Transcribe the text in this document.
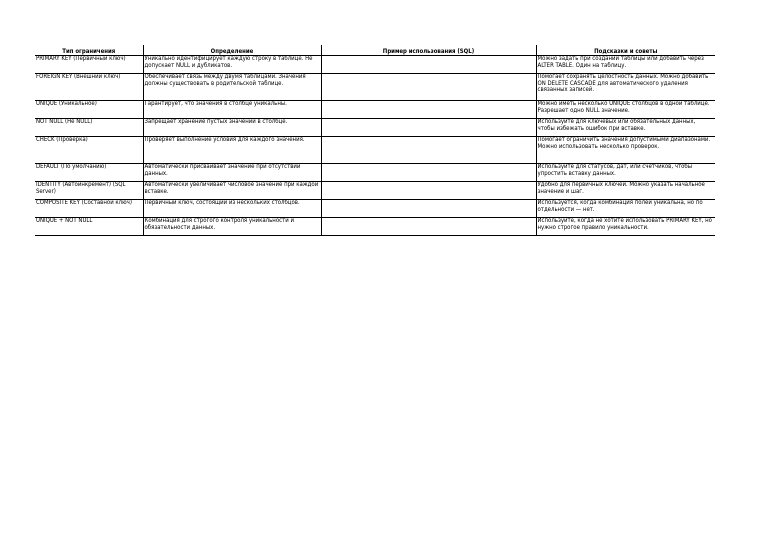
Тип ограничения	Определение	Пример использования (SQL)	Подсказки и советы
PRIMARY KEY (Первичный ключ)	Уникально идентифицирует каждую строку в таблице. Не допускает NULL и дубликатов.		Можно задать при создании таблицы или добавить через ALTER TABLE. Один на таблицу.
FOREIGN KEY (Внешний ключ)	Обеспечивает связь между двумя таблицами. Значения должны существовать в родительской таблице.		Помогает сохранять целостность данных. Можно добавить ON DELETE CASCADE для автоматического удаления связанных записей.
UNIQUE (Уникальное)	Гарантирует, что значения в столбце уникальны.		Можно иметь несколько UNIQUE столбцов в одной таблице. Разрешает одно NULL значение.
NOT NULL (Не NULL)	Запрещает хранение пустых значений в столбце.		Используйте для ключевых или обязательных данных, чтобы избежать ошибок при вставке.
CHECK (Проверка)	Проверяет выполнение условия для каждого значения.		Помогает ограничить значения допустимыми диапазонами. Можно использовать несколько проверок.
DEFAULT (По умолчанию)	Автоматически присваивает значение при отсутствии данных.		Используйте для статусов, дат, или счетчиков, чтобы упростить вставку данных.
IDENTITY (Автоинкремент) (SQL Server)	Автоматически увеличивает числовое значение при каждой вставке.		Удобно для первичных ключей. Можно указать начальное значение и шаг.
COMPOSITE KEY (Составной ключ)	Первичный ключ, состоящий из нескольких столбцов.		Используется, когда комбинация полей уникальна, но по отдельности — нет.
UNIQUE + NOT NULL	Комбинация для строгого контроля уникальности и обязательности данных.		Используйте, когда не хотите использовать PRIMARY KEY, но нужно строгое правило уникальности.
